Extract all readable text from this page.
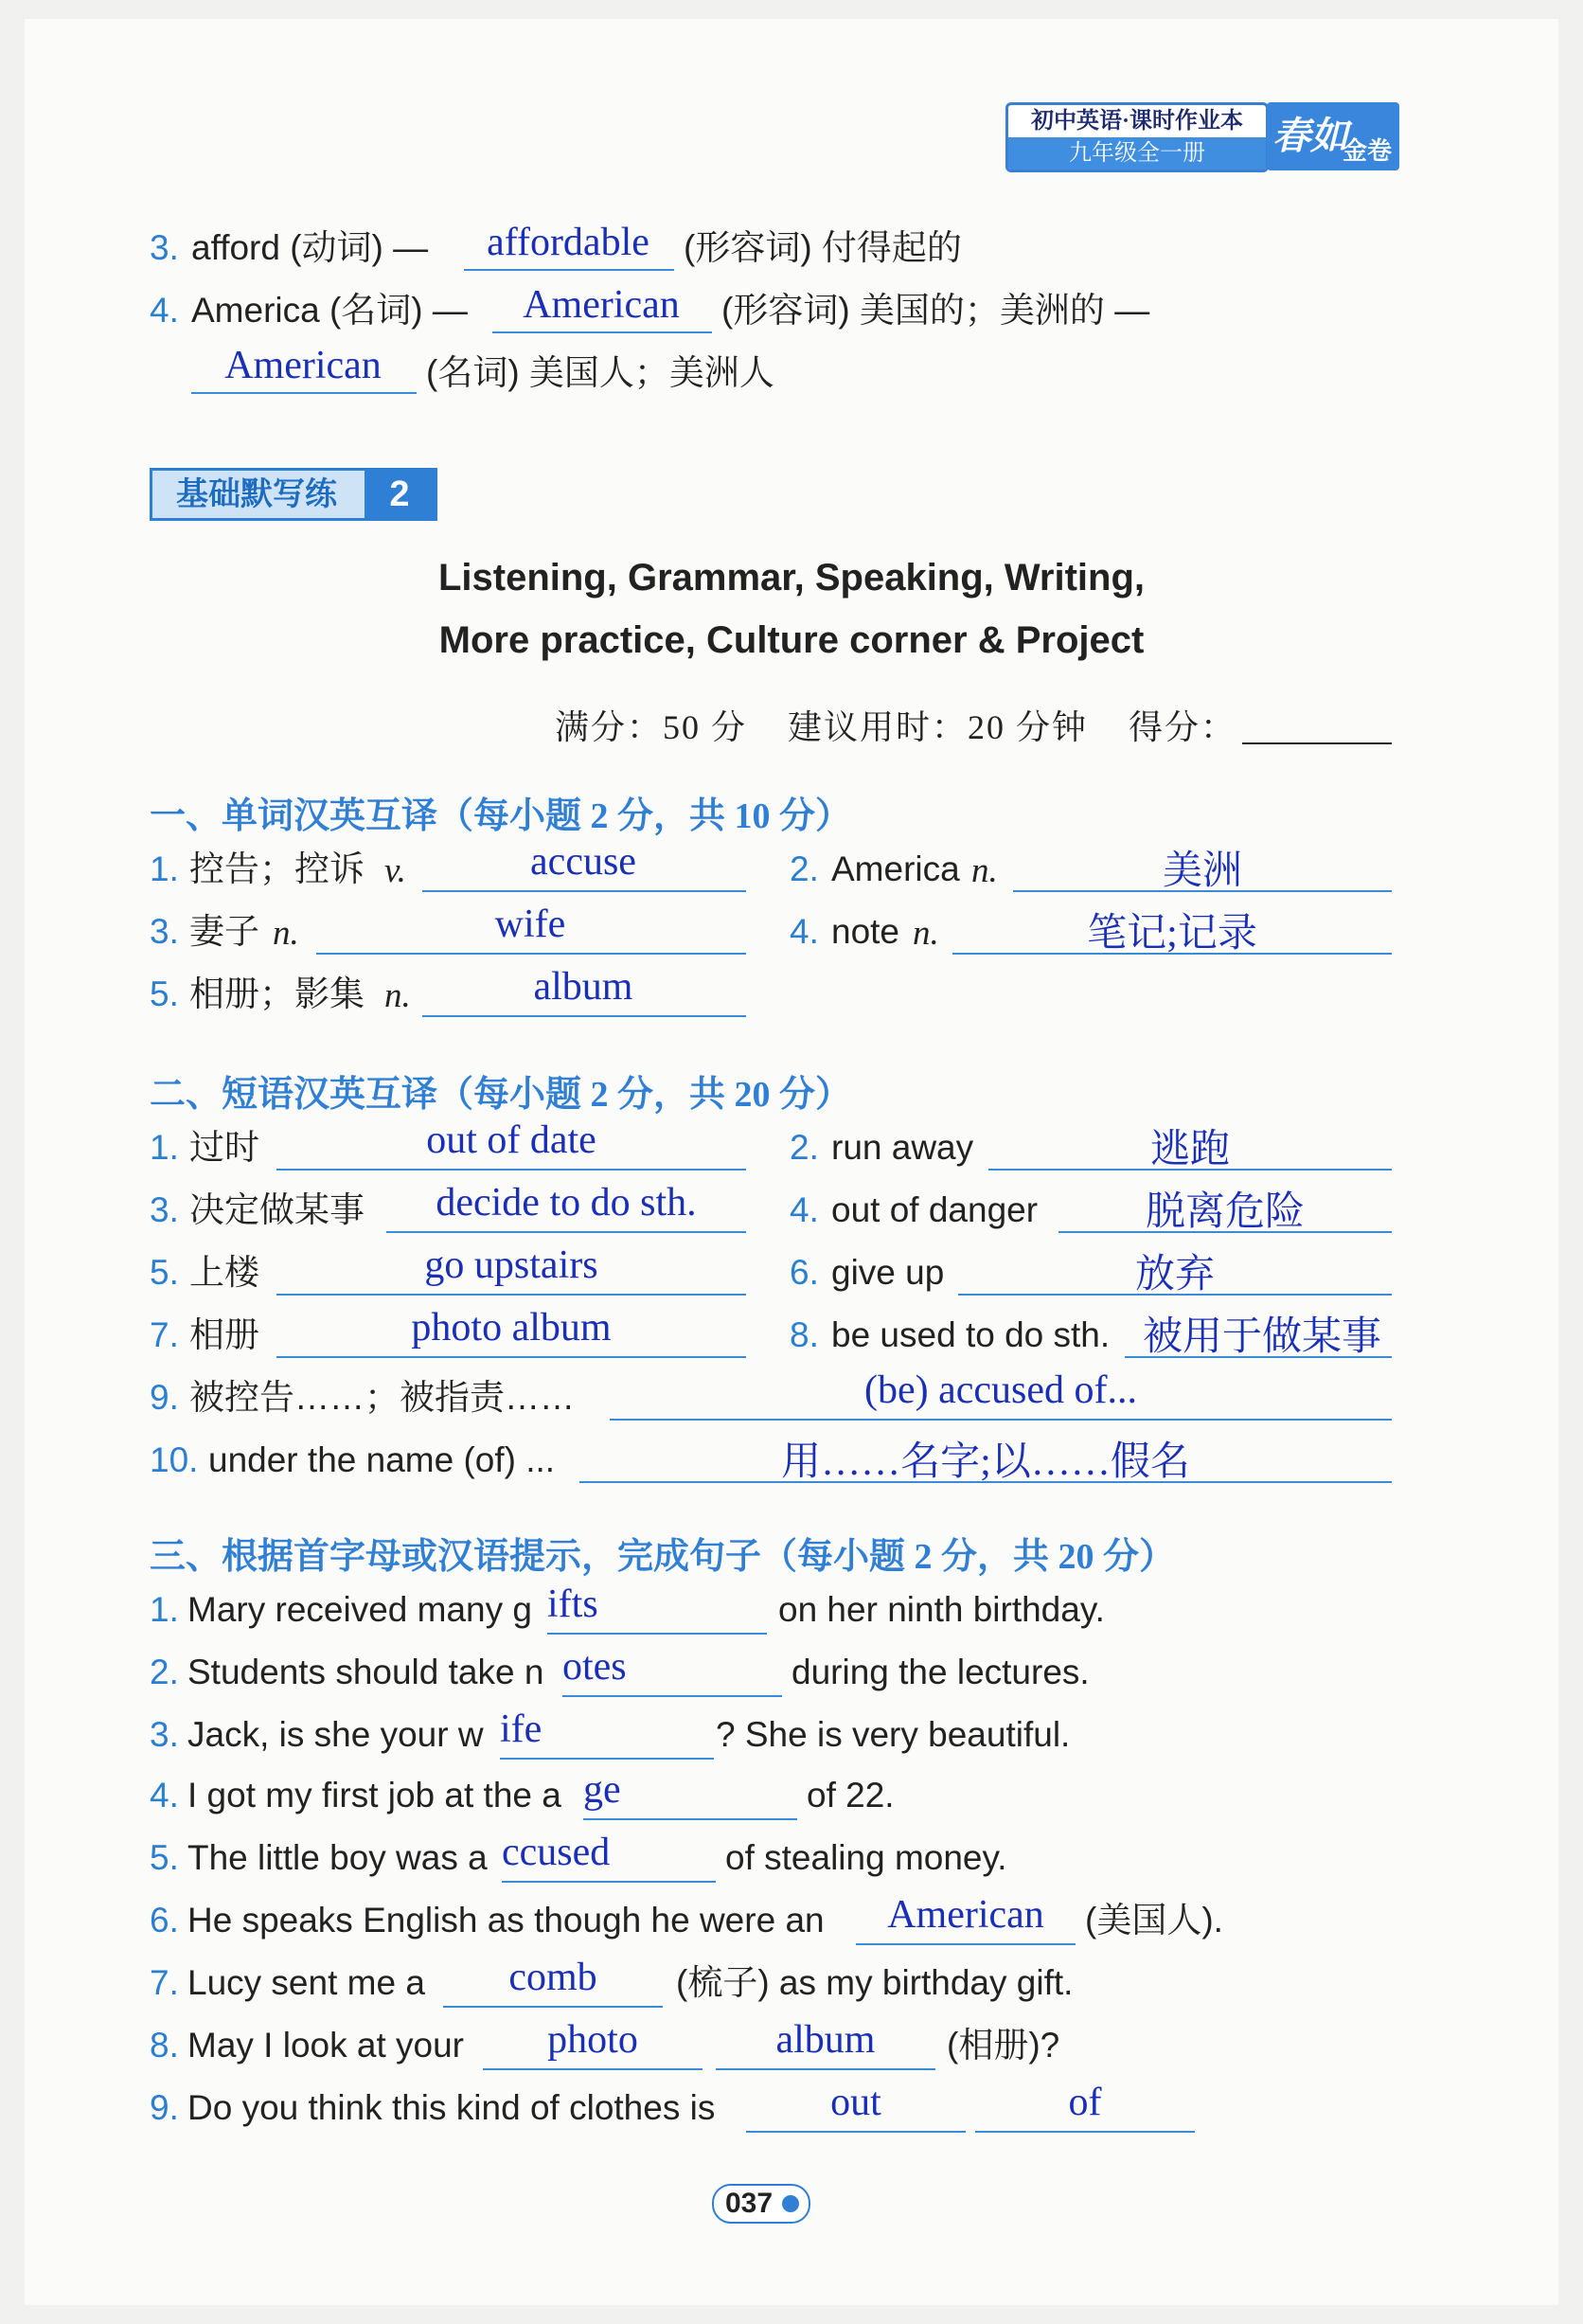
初中英语·课时作业本
九年级全一册	春如
金卷
3. afford (动词) —	affordable (形容词) 付得起的
4. America (名词) —	American	(形容词) 美国的；美洲的 —
American	(名词) 美国人；美洲人
基础默写练	2
Listening, Grammar, Speaking, Writing,
More practice, Culture corner & Project
满分：50 分 建议用时：20 分钟 得分：
一、单词汉英互译（每小题 2 分，共 10 分）
1. 控告；控诉 v.	accuse	2. America n.	美洲
3. 妻子 n.	wife	4. note n.	笔记;记录
5. 相册；影集 n.	album
二、短语汉英互译（每小题 2 分，共 20 分）
1. 过时	out of date	2. run away	逃跑
3. 决定做某事	decide to do sth.	4. out of danger	脱离危险
5. 上楼	go upstairs	6. give up	放弃
7. 相册	photo album	8. be used to do sth. 被用于做某事
9. 被控告……；被指责……	(be) accused of...
10. under the name (of) ...	用……名字;以……假名
三、根据首字母或汉语提示，完成句子（每小题 2 分，共 20 分）
1. Mary received many g ifts	on her ninth birthday.
2. Students should take n otes	during the lectures.
3. Jack, is she your w ife	? She is very beautiful.
4. I got my first job at the a ge	of 22.
5. The little boy was a ccused	of stealing money.
6. He speaks English as though he were an	American	(美国人).
7. Lucy sent me a	comb	(梳子) as my birthday gift.
8. May I look at your	photo	album	(相册)?
9. Do you think this kind of clothes is	out	of
037
